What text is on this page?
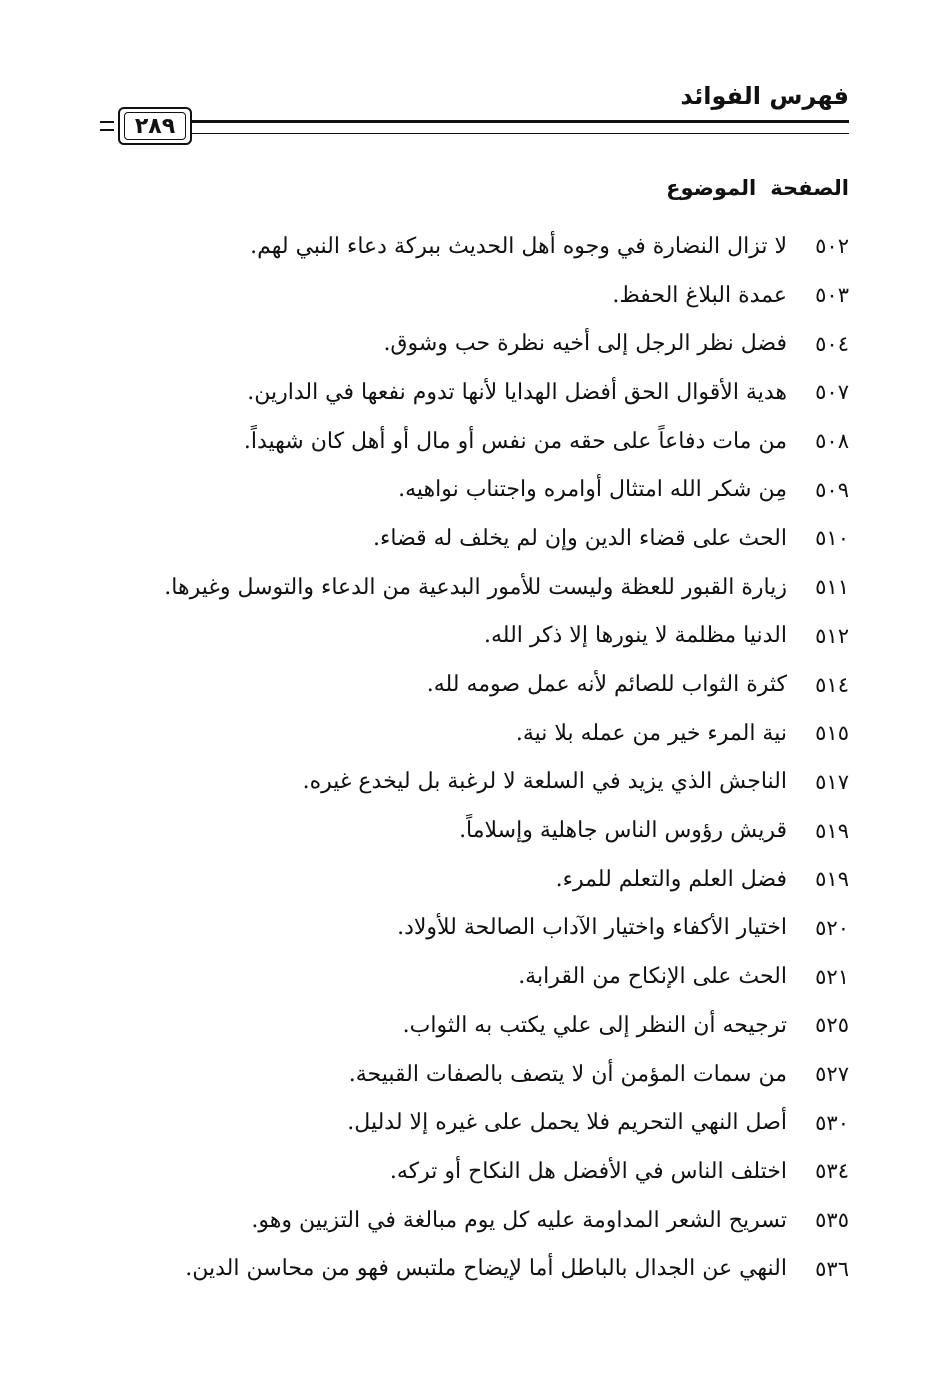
فهرس الفوائد
٢٨٩
الصفحةالموضوع
٥٠٢
لا تزال النضارة في وجوه أهل الحديث ببركة دعاء النبي لهم.
٥٠٣
عمدة البلاغ الحفظ.
٥٠٤
فضل نظر الرجل إلى أخيه نظرة حب وشوق.
٥٠٧
هدية الأقوال الحق أفضل الهدايا لأنها تدوم نفعها في الدارين.
٥٠٨
من مات دفاعاً على حقه من نفس أو مال أو أهل كان شهيداً.
٥٠٩
مِن شكر الله امتثال أوامره واجتناب نواهيه.
٥١٠
الحث على قضاء الدين وإن لم يخلف له قضاء.
٥١١
زيارة القبور للعظة وليست للأمور البدعية من الدعاء والتوسل وغيرها.
٥١٢
الدنيا مظلمة لا ينورها إلا ذكر الله.
٥١٤
كثرة الثواب للصائم لأنه عمل صومه لله.
٥١٥
نية المرء خير من عمله بلا نية.
٥١٧
الناجش الذي يزيد في السلعة لا لرغبة بل ليخدع غيره.
٥١٩
قريش رؤوس الناس جاهلية وإسلاماً.
٥١٩
فضل العلم والتعلم للمرء.
٥٢٠
اختيار الأكفاء واختيار الآداب الصالحة للأولاد.
٥٢١
الحث على الإنكاح من القرابة.
٥٢٥
ترجيحه أن النظر إلى علي يكتب به الثواب.
٥٢٧
من سمات المؤمن أن لا يتصف بالصفات القبيحة.
٥٣٠
أصل النهي التحريم فلا يحمل على غيره إلا لدليل.
٥٣٤
اختلف الناس في الأفضل هل النكاح أو تركه.
٥٣٥
تسريح الشعر المداومة عليه كل يوم مبالغة في التزيين وهو.
٥٣٦
النهي عن الجدال بالباطل أما لإيضاح ملتبس فهو من محاسن الدين.
